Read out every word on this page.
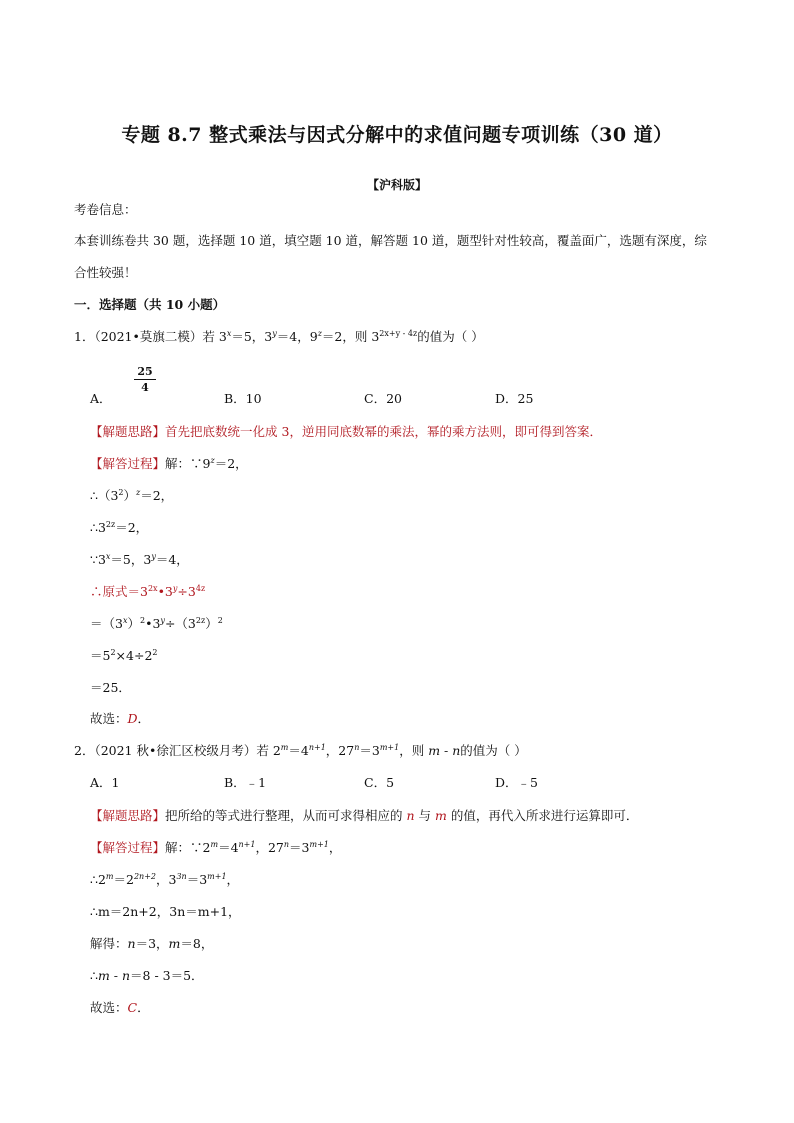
专题 8.7 整式乘法与因式分解中的求值问题专项训练（30 道）
【沪科版】
考卷信息：
本套训练卷共 30 题，选择题 10 道，填空题 10 道，解答题 10 道，题型针对性较高，覆盖面广，选题有深度，综
合性较强！
一．选择题（共 10 小题）
1．（2021•莫旗二模）若 $3^x=5$，$3^y=4$，$9^z=2$，则 $3^{2x+y - 4z}$的值为（ ）
A．
$\frac{25}{4}$
B．10	C．20	D．25
【解题思路】首先把底数统一化成 3，逆用同底数幂的乘法，幂的乘方法则，即可得到答案．
【解答过程】解：$\because 9^z=2$，
$\therefore(3^2)^z=2$，
$\therefore 3^{2z}=2$，
$\because 3^x=5$，$3^y=4$，
∴原式$=3^{2x}•3^y\div 3^{4z}$
$=(3^x)^2•3^y\div(3^{2z})^2$
$=5^2\times 4\div 2^2$
＝25．
故选：D．
2．（2021 秋•徐汇区校级月考）若 $2^m=4^{n+1}$，$27^n=3^{m+1}$，则 m - n的值为（ ）
A．1	B．﹣1	C．5	D．﹣5
【解题思路】把所给的等式进行整理，从而可求得相应的 n 与 m 的值，再代入所求进行运算即可．
【解答过程】解：$\because 2^m=4^{n+1}$，$27^n=3^{m+1}$，
$\therefore 2^m=2^{2n+2}$，$3^{3n}=3^{m+1}$，
∴m＝2n+2，3n＝m+1，
解得：n＝3，m＝8，
∴m - n＝8 - 3＝5．
故选：C．
